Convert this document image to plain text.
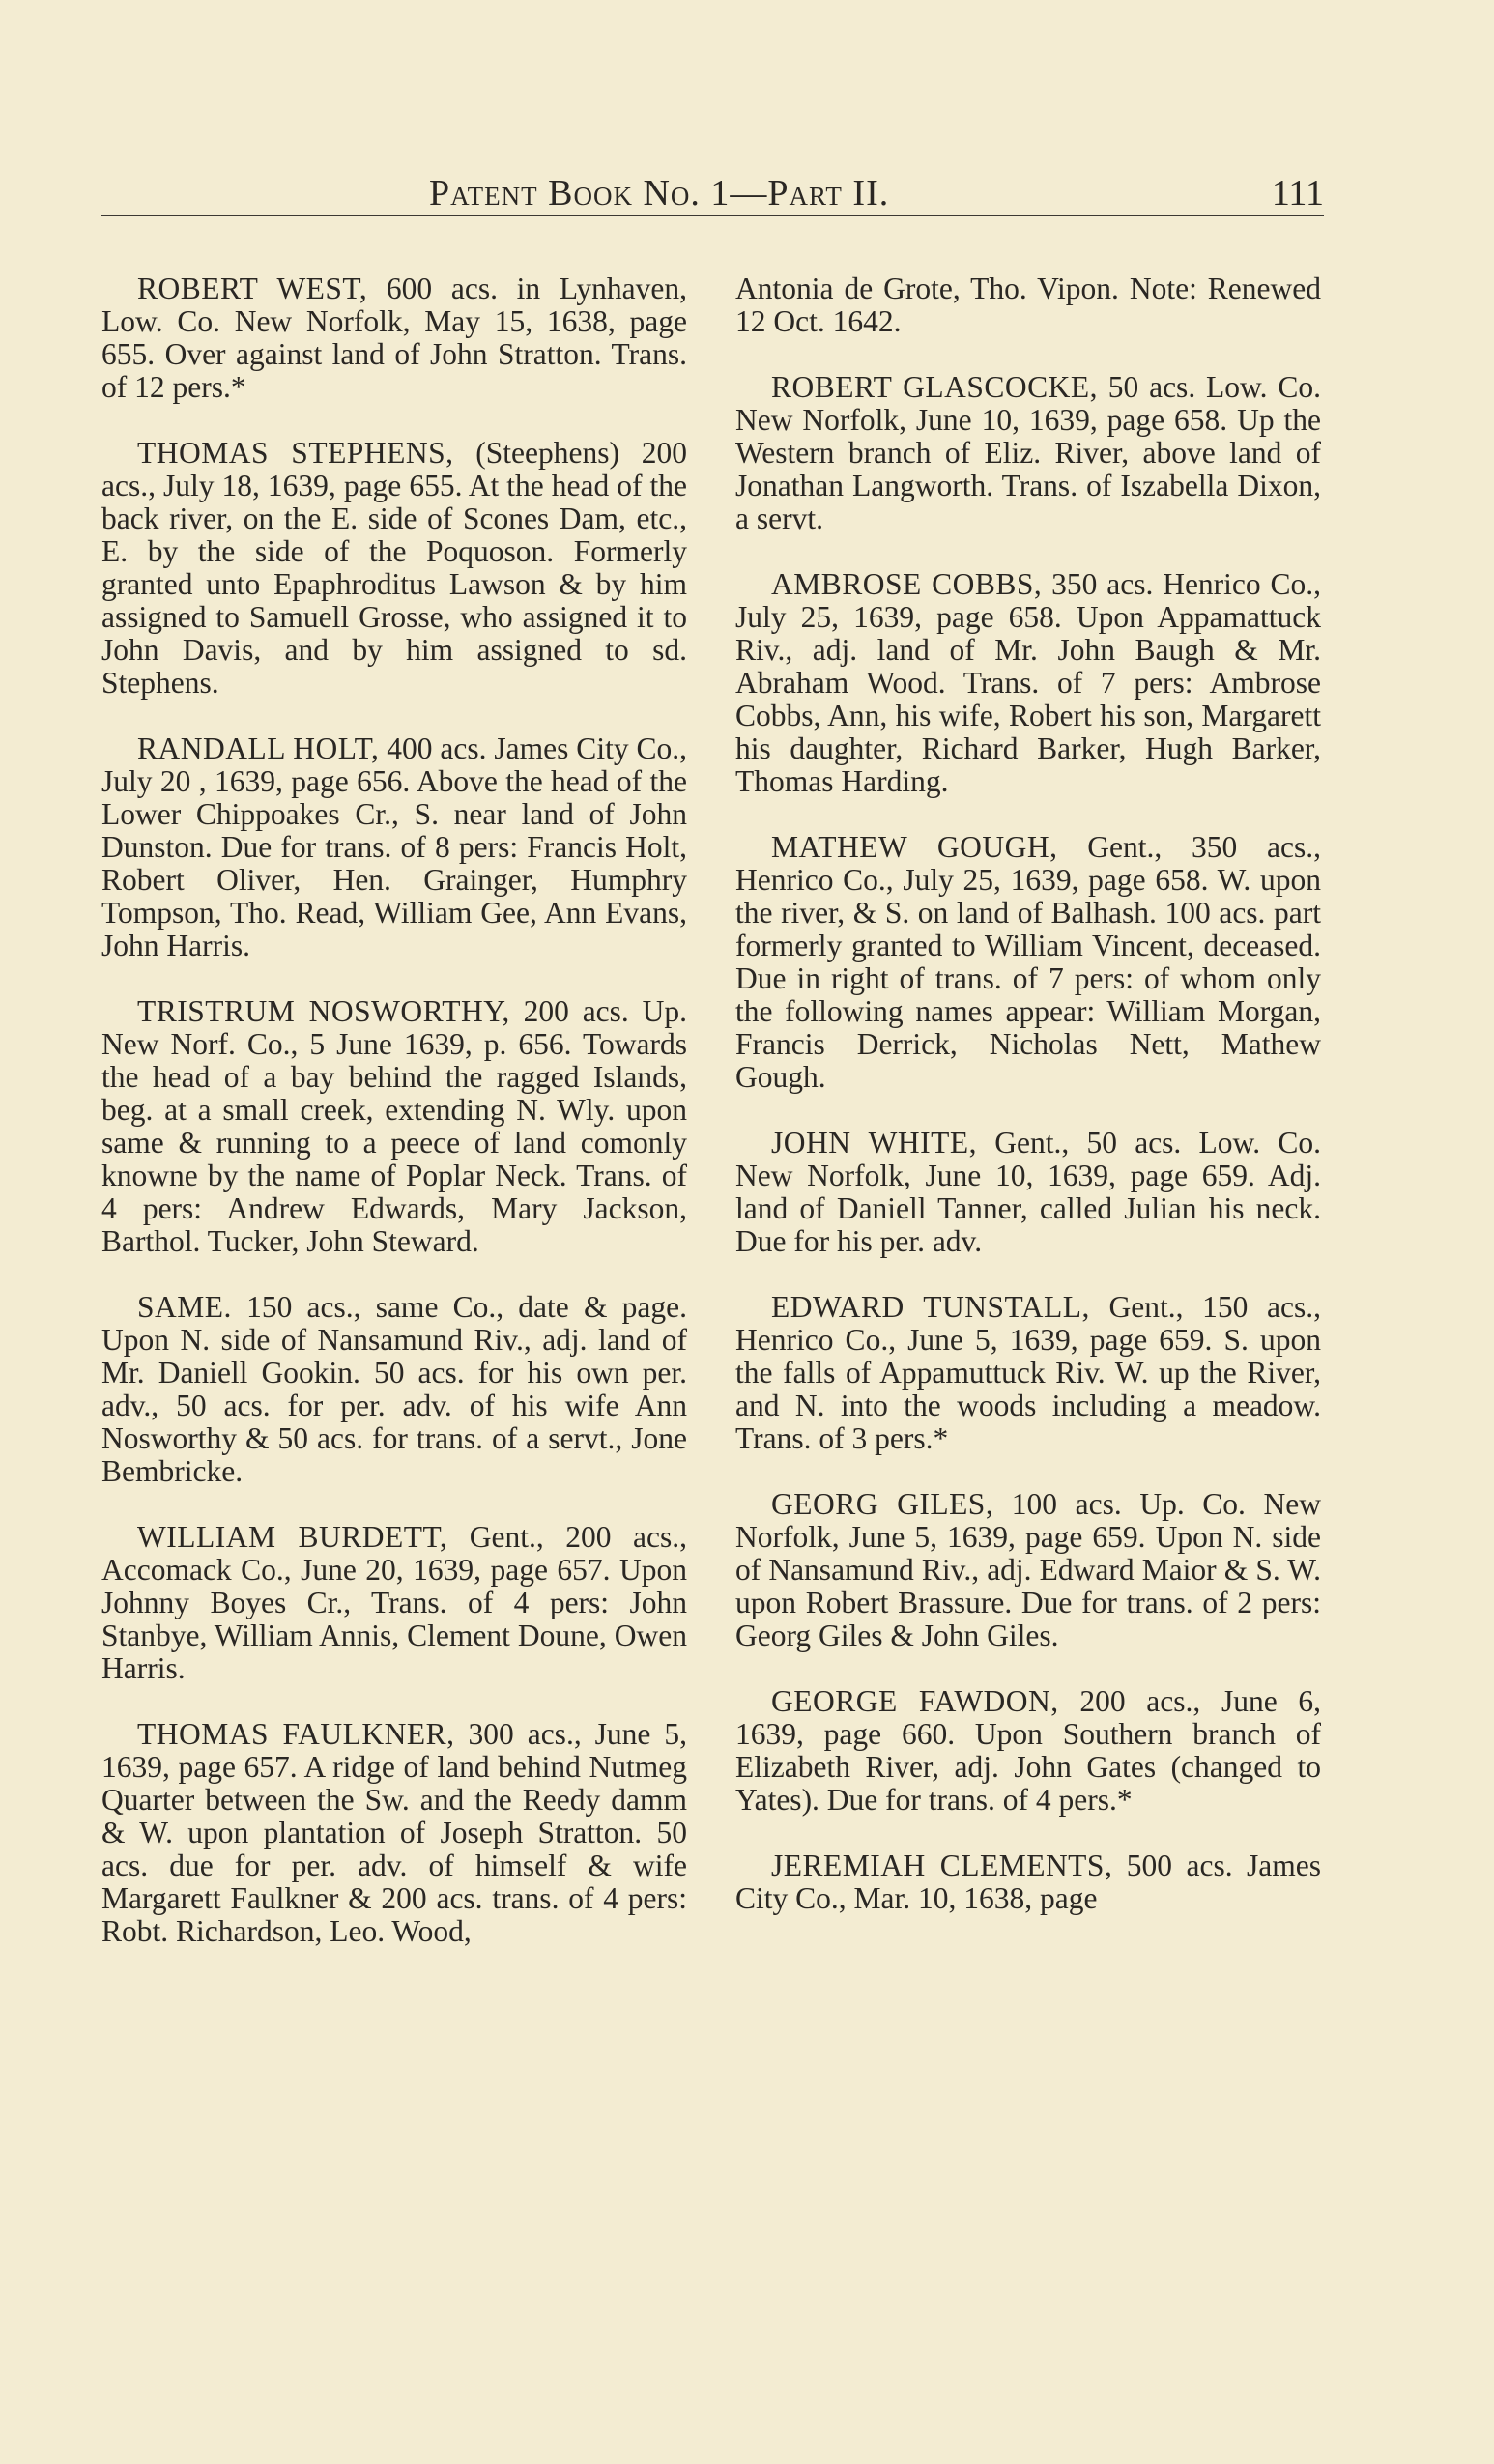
Patent Book No. 1—Part II.	111

ROBERT WEST, 600 acs. in Lynhaven, Low. Co. New Norfolk, May 15, 1638, page 655. Over against land of John Stratton. Trans. of 12 pers.*

THOMAS STEPHENS, (Steephens) 200 acs., July 18, 1639, page 655. At the head of the back river, on the E. side of Scones Dam, etc., E. by the side of the Poquoson. Formerly granted unto Epaphroditus Lawson & by him assigned to Samuell Grosse, who assigned it to John Davis, and by him assigned to sd. Stephens.

RANDALL HOLT, 400 acs. James City Co., July 20 , 1639, page 656. Above the head of the Lower Chippoakes Cr., S. near land of John Dunston. Due for trans. of 8 pers: Francis Holt, Robert Oliver, Hen. Grainger, Humphry Tompson, Tho. Read, William Gee, Ann Evans, John Harris.

TRISTRUM NOSWORTHY, 200 acs. Up. New Norf. Co., 5 June 1639, p. 656. Towards the head of a bay behind the ragged Islands, beg. at a small creek, extending N. Wly. upon same & running to a peece of land comonly knowne by the name of Poplar Neck. Trans. of 4 pers: Andrew Edwards, Mary Jackson, Barthol. Tucker, John Steward.

SAME. 150 acs., same Co., date & page. Upon N. side of Nansamund Riv., adj. land of Mr. Daniell Gookin. 50 acs. for his own per. adv., 50 acs. for per. adv. of his wife Ann Nosworthy & 50 acs. for trans. of a servt., Jone Bembricke.

WILLIAM BURDETT, Gent., 200 acs., Accomack Co., June 20, 1639, page 657. Upon Johnny Boyes Cr., Trans. of 4 pers: John Stanbye, William Annis, Clement Doune, Owen Harris.

THOMAS FAULKNER, 300 acs., June 5, 1639, page 657. A ridge of land behind Nutmeg Quarter between the Sw. and the Reedy damm & W. upon plantation of Joseph Stratton. 50 acs. due for per. adv. of himself & wife Margarett Faulkner & 200 acs. trans. of 4 pers: Robt. Richardson, Leo. Wood,

Antonia de Grote, Tho. Vipon. Note: Renewed 12 Oct. 1642.

ROBERT GLASCOCKE, 50 acs. Low. Co. New Norfolk, June 10, 1639, page 658. Up the Western branch of Eliz. River, above land of Jonathan Langworth. Trans. of Iszabella Dixon, a servt.

AMBROSE COBBS, 350 acs. Henrico Co., July 25, 1639, page 658. Upon Appamattuck Riv., adj. land of Mr. John Baugh & Mr. Abraham Wood. Trans. of 7 pers: Ambrose Cobbs, Ann, his wife, Robert his son, Margarett his daughter, Richard Barker, Hugh Barker, Thomas Harding.

MATHEW GOUGH, Gent., 350 acs., Henrico Co., July 25, 1639, page 658. W. upon the river, & S. on land of Balhash. 100 acs. part formerly granted to William Vincent, deceased. Due in right of trans. of 7 pers: of whom only the following names appear: William Morgan, Francis Derrick, Nicholas Nett, Mathew Gough.

JOHN WHITE, Gent., 50 acs. Low. Co. New Norfolk, June 10, 1639, page 659. Adj. land of Daniell Tanner, called Julian his neck. Due for his per. adv.

EDWARD TUNSTALL, Gent., 150 acs., Henrico Co., June 5, 1639, page 659. S. upon the falls of Appamuttuck Riv. W. up the River, and N. into the woods including a meadow. Trans. of 3 pers.*

GEORG GILES, 100 acs. Up. Co. New Norfolk, June 5, 1639, page 659. Upon N. side of Nansamund Riv., adj. Edward Maior & S. W. upon Robert Brassure. Due for trans. of 2 pers: Georg Giles & John Giles.

GEORGE FAWDON, 200 acs., June 6, 1639, page 660. Upon Southern branch of Elizabeth River, adj. John Gates (changed to Yates). Due for trans. of 4 pers.*

JEREMIAH CLEMENTS, 500 acs. James City Co., Mar. 10, 1638, page
